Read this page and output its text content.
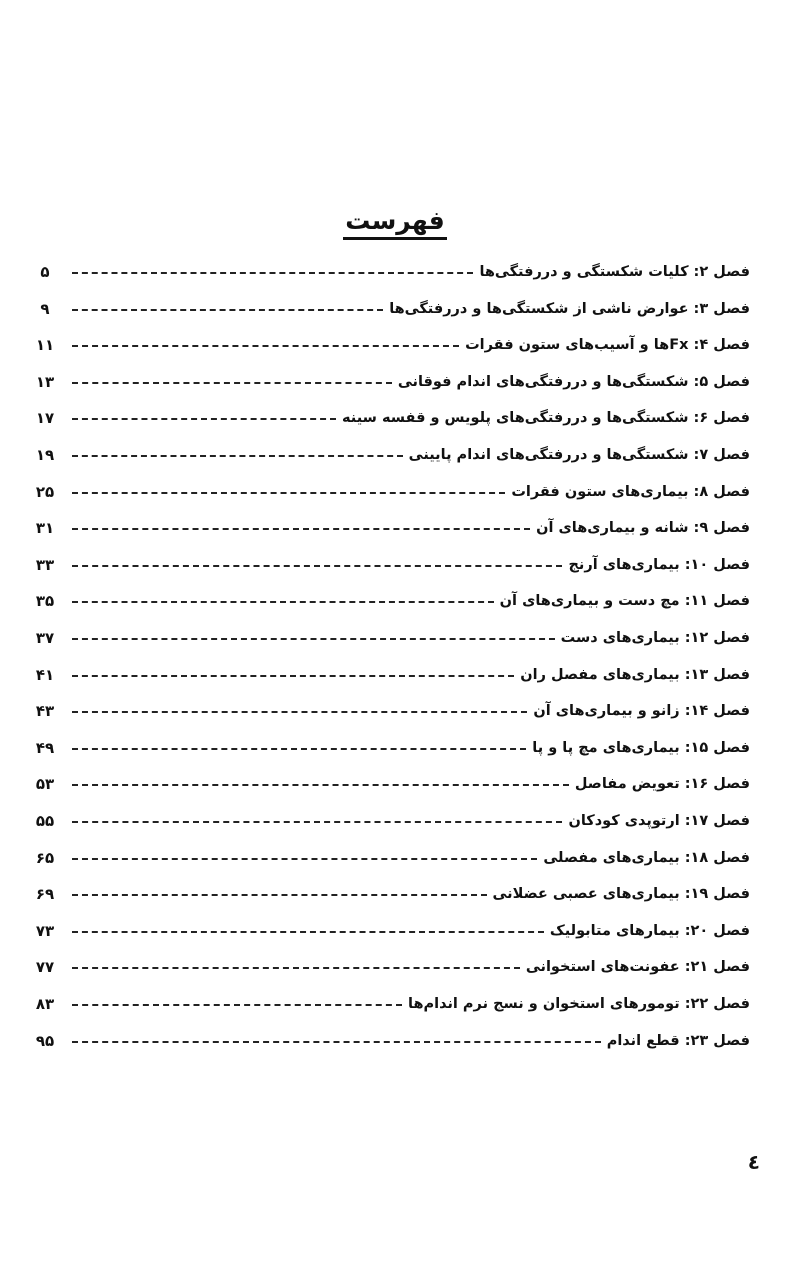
فهرست
۵	فصل ۲: کلیات شکستگی و دررفتگی‌ها
۹	فصل ۳: عوارض ناشی از شکستگی‌ها و دررفتگی‌ها
۱۱	فصل ۴: Fxها و آسیب‌های ستون فقرات
۱۳	فصل ۵: شکستگی‌ها و دررفتگی‌های اندام فوقانی
۱۷	فصل ۶: شکستگی‌ها و دررفتگی‌های پلویس و قفسه سینه
۱۹	فصل ۷: شکستگی‌ها و دررفتگی‌های اندام پایینی
۲۵	فصل ۸: بیماری‌های ستون فقرات
۳۱	فصل ۹: شانه و بیماری‌های آن
۳۳	فصل ۱۰: بیماری‌های آرنج
۳۵	فصل ۱۱: مچ دست و بیماری‌های آن
۳۷	فصل ۱۲: بیماری‌های دست
۴۱	فصل ۱۳: بیماری‌های مفصل ران
۴۳	فصل ۱۴: زانو و بیماری‌های آن
۴۹	فصل ۱۵: بیماری‌های مچ پا و پا
۵۳	فصل ۱۶: تعویض مفاصل
۵۵	فصل ۱۷: ارتوپدی کودکان
۶۵	فصل ۱۸: بیماری‌های مفصلی
۶۹	فصل ۱۹: بیماری‌های عصبی عضلانی
۷۳	فصل ۲۰: بیمارهای متابولیک
۷۷	فصل ۲۱: عفونت‌های استخوانی
۸۳	فصل ۲۲: تومورهای استخوان و نسج نرم اندام‌ها
۹۵	فصل ۲۳: قطع اندام
٤
